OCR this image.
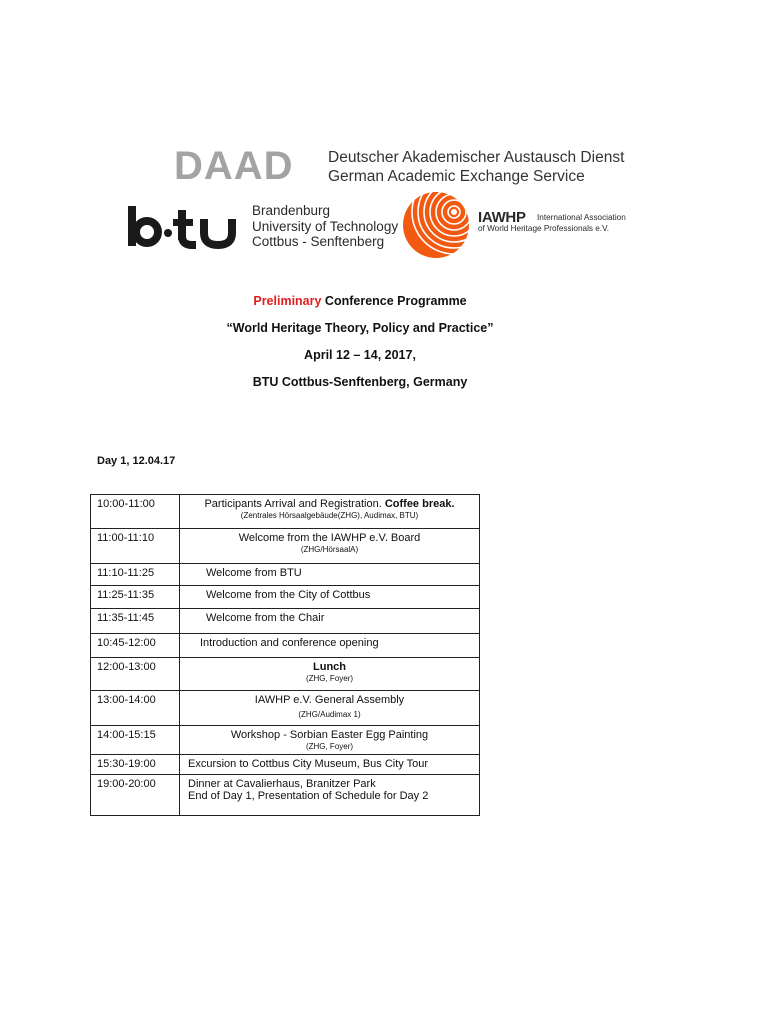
DAAD Deutscher Akademischer Austausch Dienst
German Academic Exchange Service
Brandenburg
University of Technology
Cottbus - Senftenberg
IAWHP International Association
of World Heritage Professionals e.V.
Preliminary Conference Programme
“World Heritage Theory, Policy and Practice”
April 12 – 14, 2017,
BTU Cottbus-Senftenberg, Germany
Day 1, 12.04.17
10:00-11:00	Participants Arrival and Registration. Coffee break.
(Zentrales Hörsaalgebäude(ZHG), Audimax, BTU)

11:00-11:10	Welcome from the IAWHP e.V. Board
(ZHG/HörsaalA)

11:10-11:25	Welcome from BTU
11:25-11:35	Welcome from the City of Cottbus
11:35-11:45	Welcome from the Chair
10:45-12:00	Introduction and conference opening
12:00-13:00	Lunch
(ZHG, Foyer)

13:00-14:00	IAWHP e.V. General Assembly
(ZHG/Audimax 1)

14:00-15:15	Workshop - Sorbian Easter Egg Painting
(ZHG, Foyer)

15:30-19:00	Excursion to Cottbus City Museum, Bus City Tour
19:00-20:00	Dinner at Cavalierhaus, Branitzer Park
End of Day 1, Presentation of Schedule for Day 2
